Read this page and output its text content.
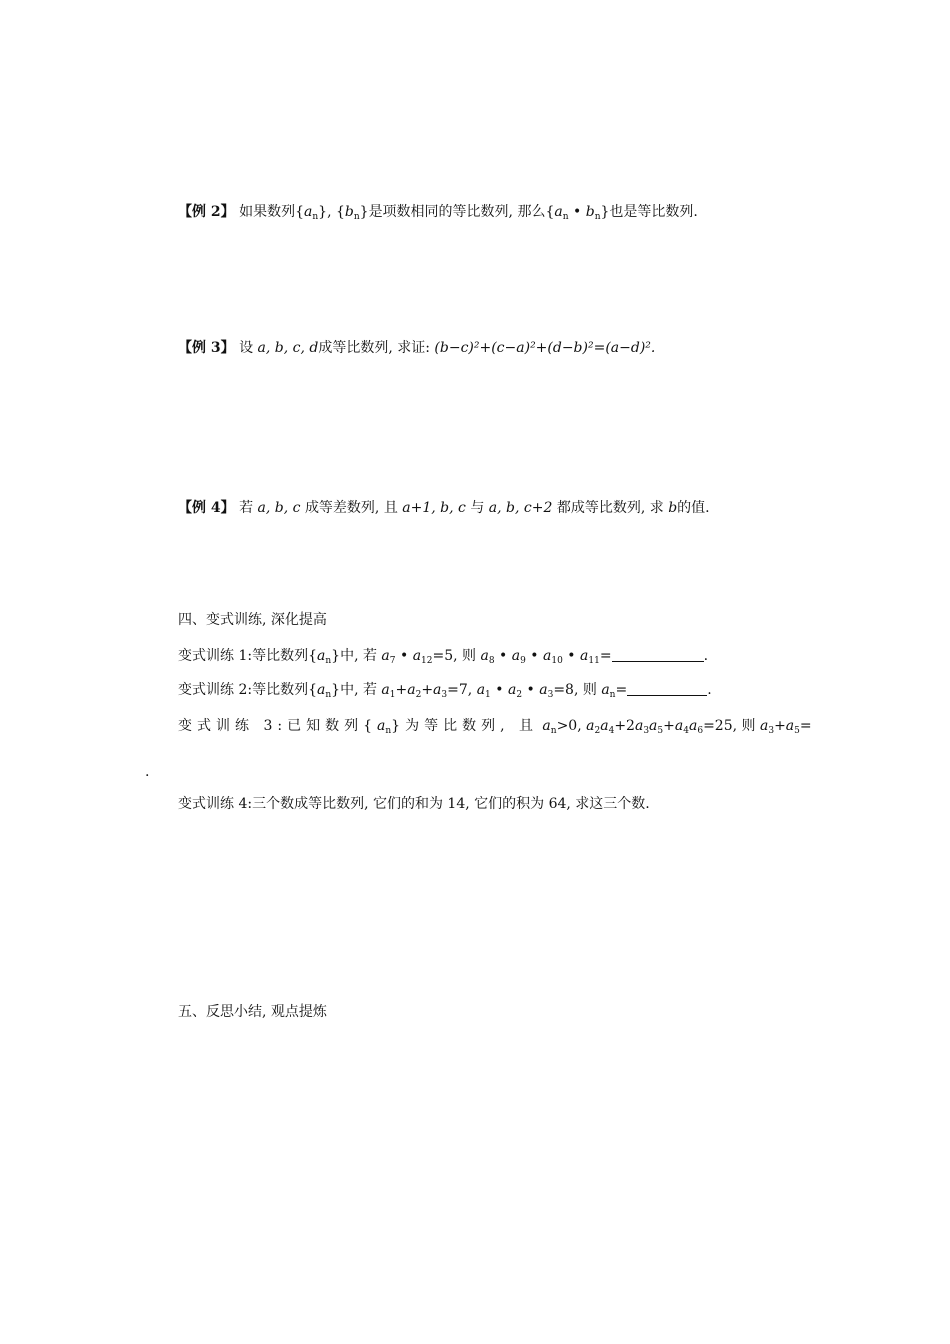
【例 2】 如果数列$\{a_n\}$, $\{b_n\}$是项数相同的等比数列, 那么{$a_n$ • $b_n$}也是等比数列.
【例 3】 设 a, b, c, d成等比数列, 求证: (b−c)²+(c−a)²+(d−b)²=(a−d)².
【例 4】 若 a, b, c 成等差数列, 且 a+1, b, c 与 a, b, c+2 都成等比数列, 求 b的值.
四、变式训练, 深化提高
变式训练 1:等比数列$\{a_n\}$中, 若 $a_7$ • $a_{12}=5$, 则 $a_8$ • $a_9$ • $a_{10}$ • $a_{11}=$	.
变式训练 2:等比数列$\{a_n\}$中, 若 $a_1+a_2+a_3=7$, $a_1$ • $a_2$ • $a_3=8$, 则 $a_n=$	.
变式训练 3:已知数列$\{a_n\}$为等比数列, 且 $a_n>0$, $a_2a_4+2a_3a_5+a_4a_6=25$, 则 $a_3+a_5=$
.
变式训练 4:三个数成等比数列, 它们的和为 14, 它们的积为 64, 求这三个数.
五、反思小结, 观点提炼
